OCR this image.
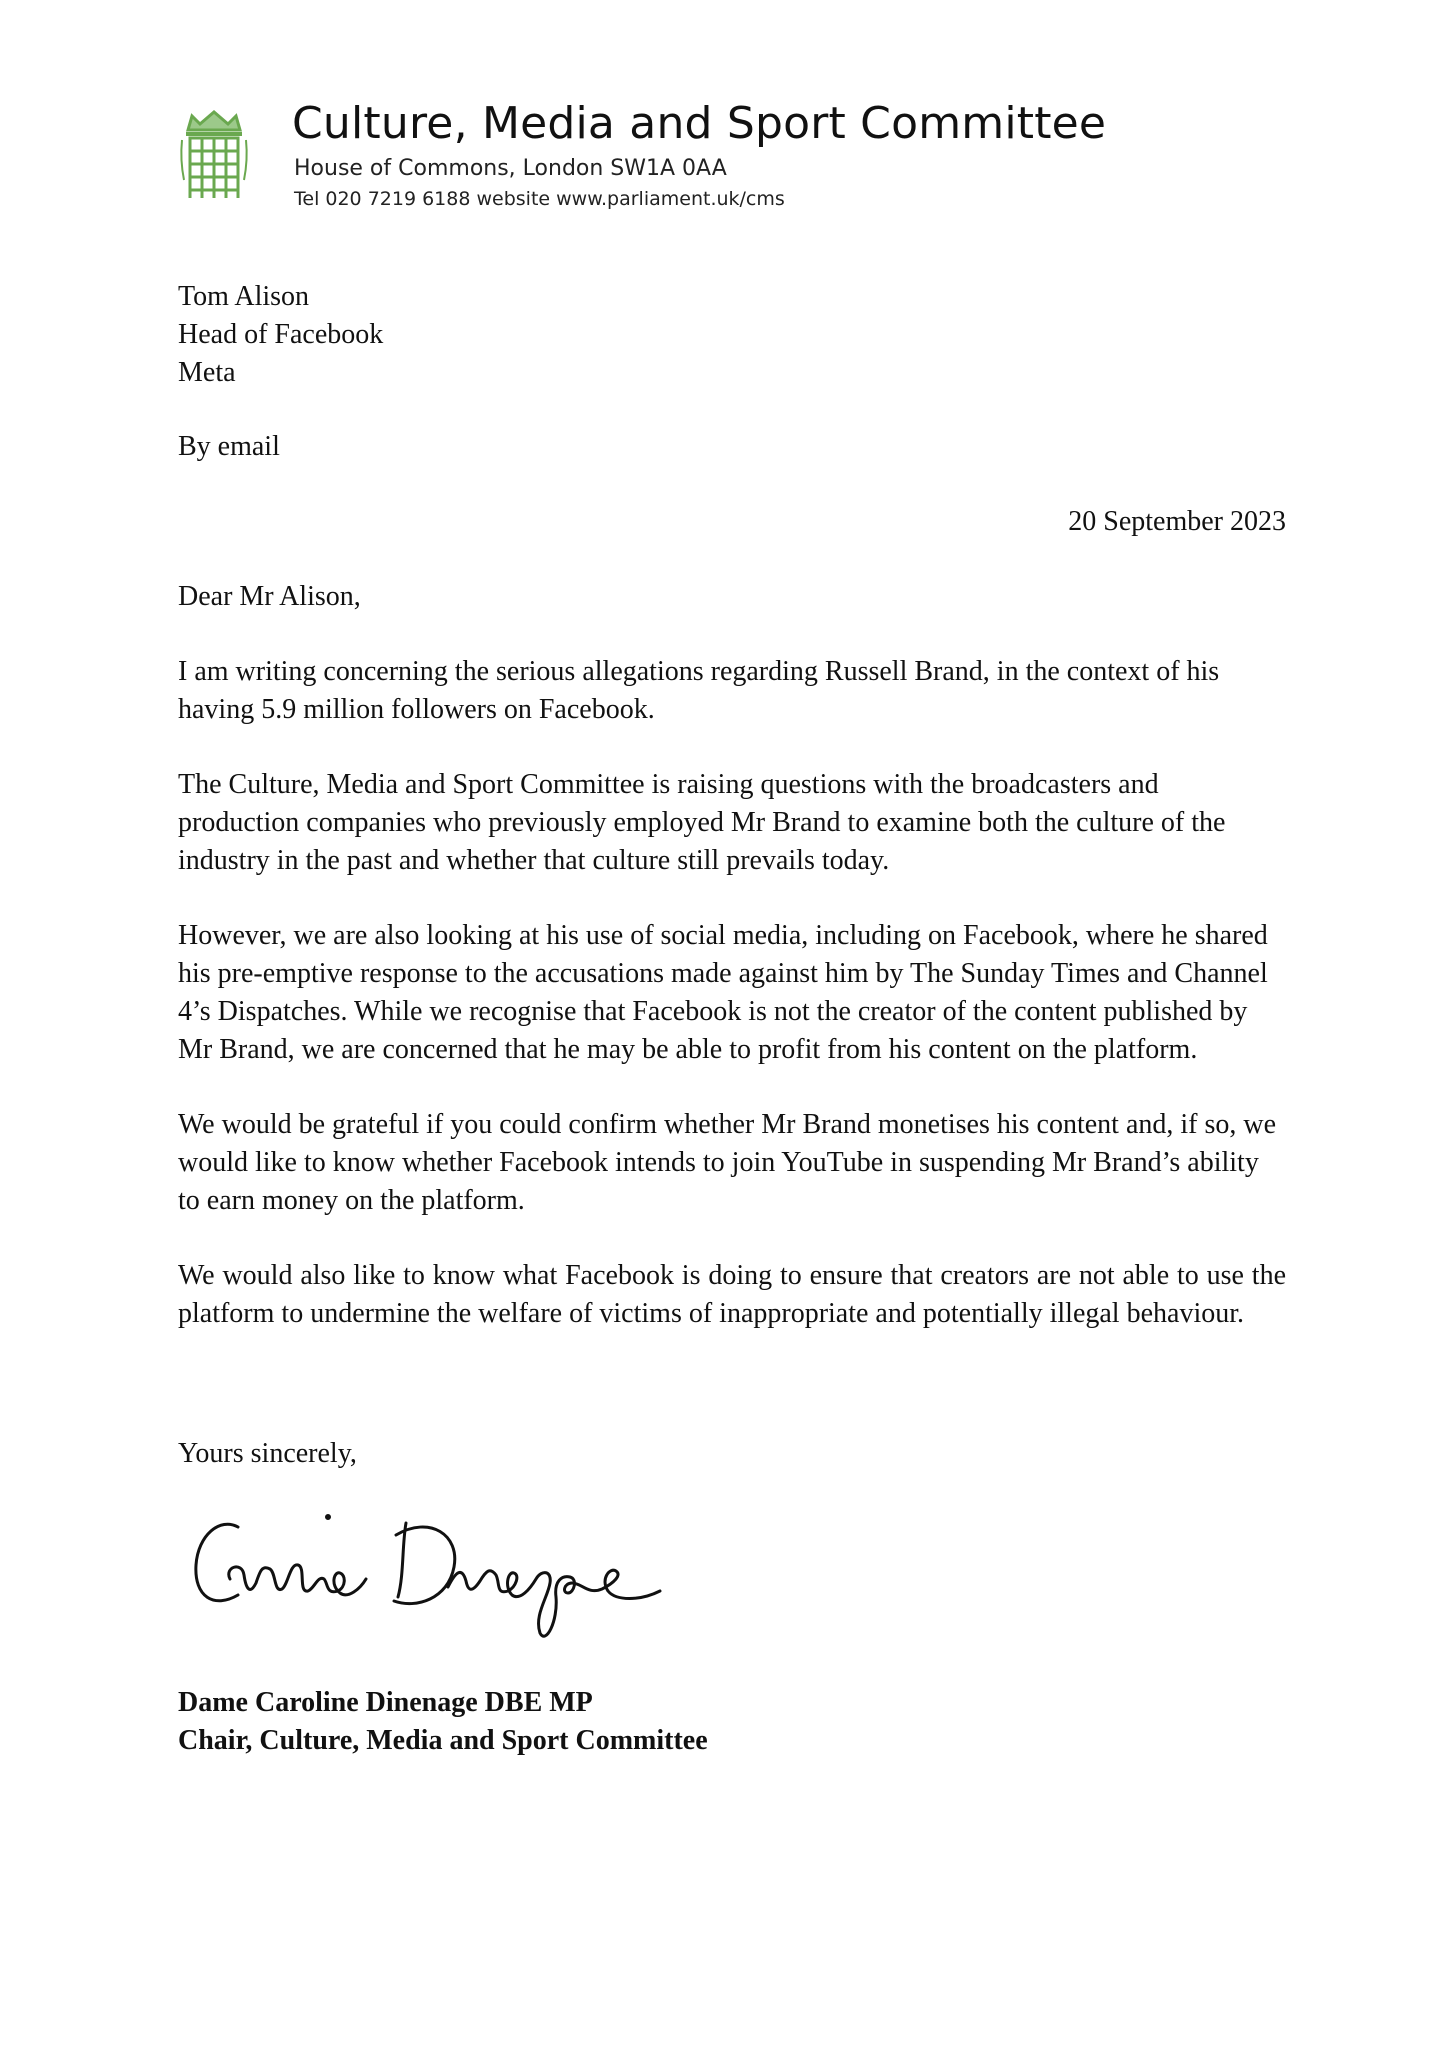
Culture, Media and Sport Committee
House of Commons, London SW1A 0AA
Tel 020 7219 6188 website www.parliament.uk/cms
Tom Alison
Head of Facebook
Meta
By email
20 September 2023
Dear Mr Alison,

I am writing concerning the serious allegations regarding Russell Brand, in the context of his having 5.9 million followers on Facebook.

The Culture, Media and Sport Committee is raising questions with the broadcasters and production companies who previously employed Mr Brand to examine both the culture of the industry in the past and whether that culture still prevails today.

However, we are also looking at his use of social media, including on Facebook, where he shared his pre-emptive response to the accusations made against him by The Sunday Times and Channel 4’s Dispatches. While we recognise that Facebook is not the creator of the content published by Mr Brand, we are concerned that he may be able to profit from his content on the platform.

We would be grateful if you could confirm whether Mr Brand monetises his content and, if so, we would like to know whether Facebook intends to join YouTube in suspending Mr Brand’s ability to earn money on the platform.

We would also like to know what Facebook is doing to ensure that creators are not able to use the platform to undermine the welfare of victims of inappropriate and potentially illegal behaviour.

Yours sincerely,
Dame Caroline Dinenage DBE MP
Chair, Culture, Media and Sport Committee
